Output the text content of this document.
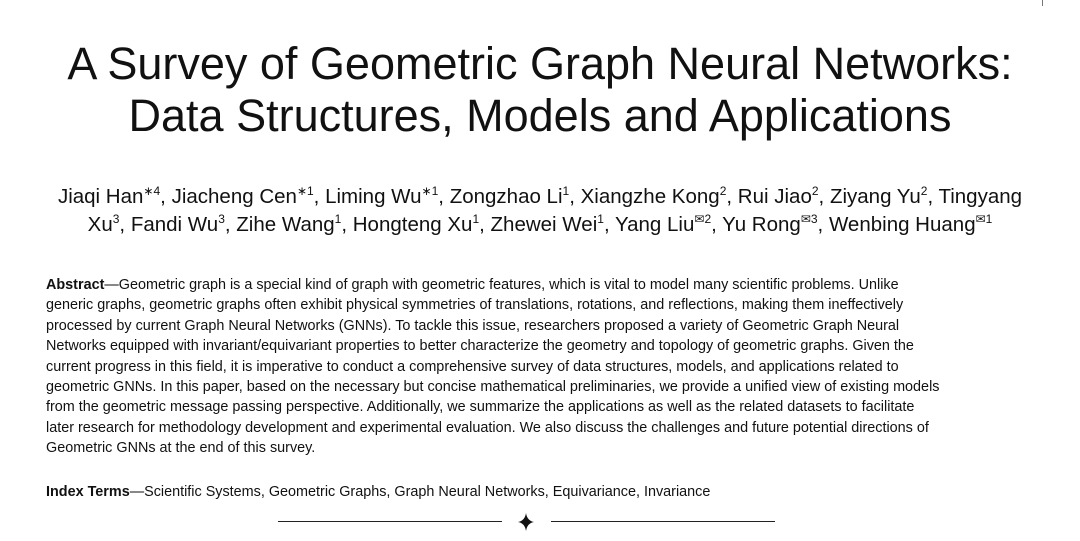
A Survey of Geometric Graph Neural Networks:
Data Structures, Models and Applications
Jiaqi Han$^{∗4}$, Jiacheng Cen$^{∗1}$, Liming $Wu^{∗1}$, Zongzhao Li$^1$, Xiangzhe Kong$^2$, Rui Jiao$^2$, Ziyang Yu$^2$, Tingyang
Xu$^3$, Fandi Wu$^3$, Zihe Wang$^1$, Hongteng Xu$^1$, Zhewei Wei$^1$, Yang Liu$^{✉2}$, Yu Rong$^{✉3}$, Wenbing Huang$^{✉1}$
Abstract—Geometric graph is a special kind of graph with geometric features, which is vital to model many scientific problems. Unlike
generic graphs, geometric graphs often exhibit physical symmetries of translations, rotations, and reflections, making them ineffectively
processed by current Graph Neural Networks (GNNs). To tackle this issue, researchers proposed a variety of Geometric Graph Neural
Networks equipped with invariant/equivariant properties to better characterize the geometry and topology of geometric graphs. Given the
current progress in this field, it is imperative to conduct a comprehensive survey of data structures, models, and applications related to
geometric GNNs. In this paper, based on the necessary but concise mathematical preliminaries, we provide a unified view of existing models
from the geometric message passing perspective. Additionally, we summarize the applications as well as the related datasets to facilitate
later research for methodology development and experimental evaluation. We also discuss the challenges and future potential directions of
Geometric GNNs at the end of this survey.
Index Terms—Scientific Systems, Geometric Graphs, Graph Neural Networks, Equivariance, Invariance
